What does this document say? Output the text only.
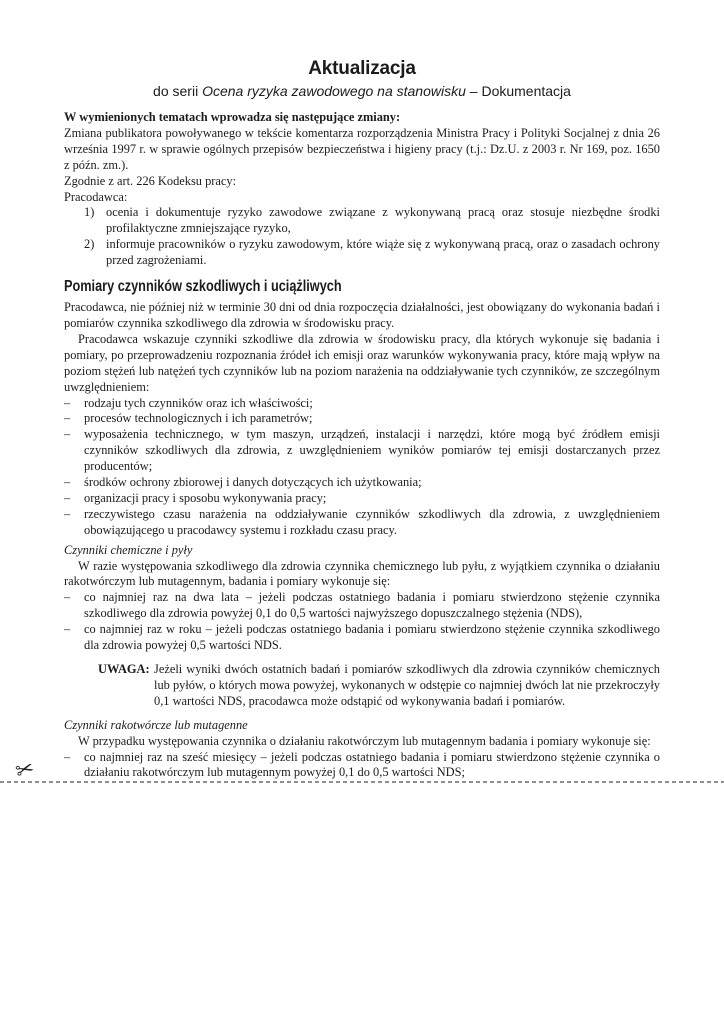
Aktualizacja
do serii Ocena ryzyka zawodowego na stanowisku – Dokumentacja

W wymienionych tematach wprowadza się następujące zmiany:

Zmiana publikatora powoływanego w tekście komentarza rozporządzenia Ministra Pracy i Polityki Socjalnej z dnia 26 września 1997 r. w sprawie ogólnych przepisów bezpieczeństwa i higieny pracy (t.j.: Dz.U. z 2003 r. Nr 169, poz. 1650 z późn. zm.).

Zgodnie z art. 226 Kodeksu pracy:

Pracodawca:

1) ocenia i dokumentuje ryzyko zawodowe związane z wykonywaną pracą oraz stosuje niezbędne środki profilaktyczne zmniejszające ryzyko,
2) informuje pracowników o ryzyku zawodowym, które wiąże się z wykonywaną pracą, oraz o zasadach ochrony przed zagrożeniami.
Pomiary czynników szkodliwych i uciążliwych

Pracodawca, nie później niż w terminie 30 dni od dnia rozpoczęcia działalności, jest obowiązany do wykonania badań i pomiarów czynnika szkodliwego dla zdrowia w środowisku pracy.

Pracodawca wskazuje czynniki szkodliwe dla zdrowia w środowisku pracy, dla których wykonuje się badania i pomiary, po przeprowadzeniu rozpoznania źródeł ich emisji oraz warunków wykonywania pracy, które mają wpływ na poziom stężeń lub natężeń tych czynników lub na poziom narażenia na oddziaływanie tych czynników, ze szczególnym uwzględnieniem:

–	rodzaju tych czynników oraz ich właściwości;
–	procesów technologicznych i ich parametrów;
–	wyposażenia technicznego, w tym maszyn, urządzeń, instalacji i narzędzi, które mogą być źródłem emisji czynników szkodliwych dla zdrowia, z uwzględnieniem wyników pomiarów tej emisji dostarczanych przez producentów;
–	środków ochrony zbiorowej i danych dotyczących ich użytkowania;
–	organizacji pracy i sposobu wykonywania pracy;
–	rzeczywistego czasu narażenia na oddziaływanie czynników szkodliwych dla zdrowia, z uwzględnieniem obowiązującego u pracodawcy systemu i rozkładu czasu pracy.
Czynniki chemiczne i pyły

W razie występowania szkodliwego dla zdrowia czynnika chemicznego lub pyłu, z wyjątkiem czynnika o działaniu rakotwórczym lub mutagennym, badania i pomiary wykonuje się:

–	co najmniej raz na dwa lata – jeżeli podczas ostatniego badania i pomiaru stwierdzono stężenie czynnika szkodliwego dla zdrowia powyżej 0,1 do 0,5 wartości najwyższego dopuszczalnego stężenia (NDS),
–	co najmniej raz w roku – jeżeli podczas ostatniego badania i pomiaru stwierdzono stężenie czynnika szkodliwego dla zdrowia powyżej 0,5 wartości NDS.
UWAGA: Jeżeli wyniki dwóch ostatnich badań i pomiarów szkodliwych dla zdrowia czynników chemicznych lub pyłów, o których mowa powyżej, wykonanych w odstępie co najmniej dwóch lat nie przekroczyły 0,1 wartości NDS, pracodawca może odstąpić od wykonywania badań i pomiarów.
Czynniki rakotwórcze lub mutagenne

W przypadku występowania czynnika o działaniu rakotwórczym lub mutagennym badania i pomiary wykonuje się:

–	co najmniej raz na sześć miesięcy – jeżeli podczas ostatniego badania i pomiaru stwierdzono stężenie czynnika o działaniu rakotwórczym lub mutagennym powyżej 0,1 do 0,5 wartości NDS;
✂
